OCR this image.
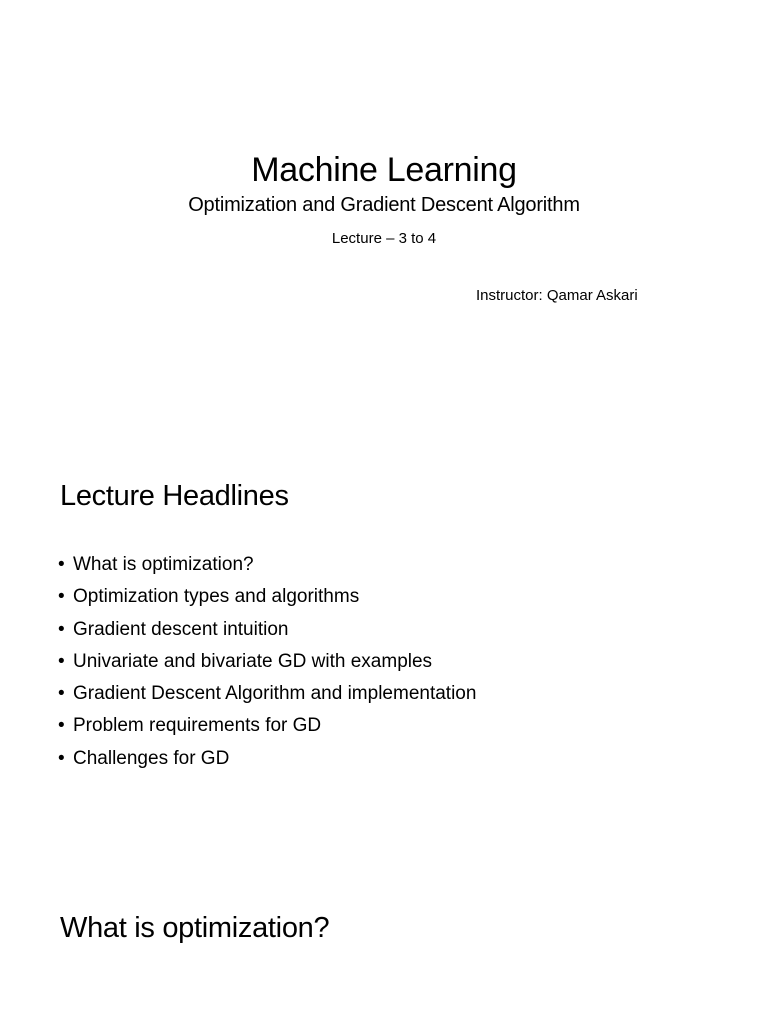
Machine Learning
Optimization and Gradient Descent Algorithm
Lecture – 3 to 4
Instructor: Qamar Askari
Lecture Headlines
• What is optimization?
• Optimization types and algorithms
• Gradient descent intuition
• Univariate and bivariate GD with examples
• Gradient Descent Algorithm and implementation
• Problem requirements for GD
• Challenges for GD
What is optimization?
